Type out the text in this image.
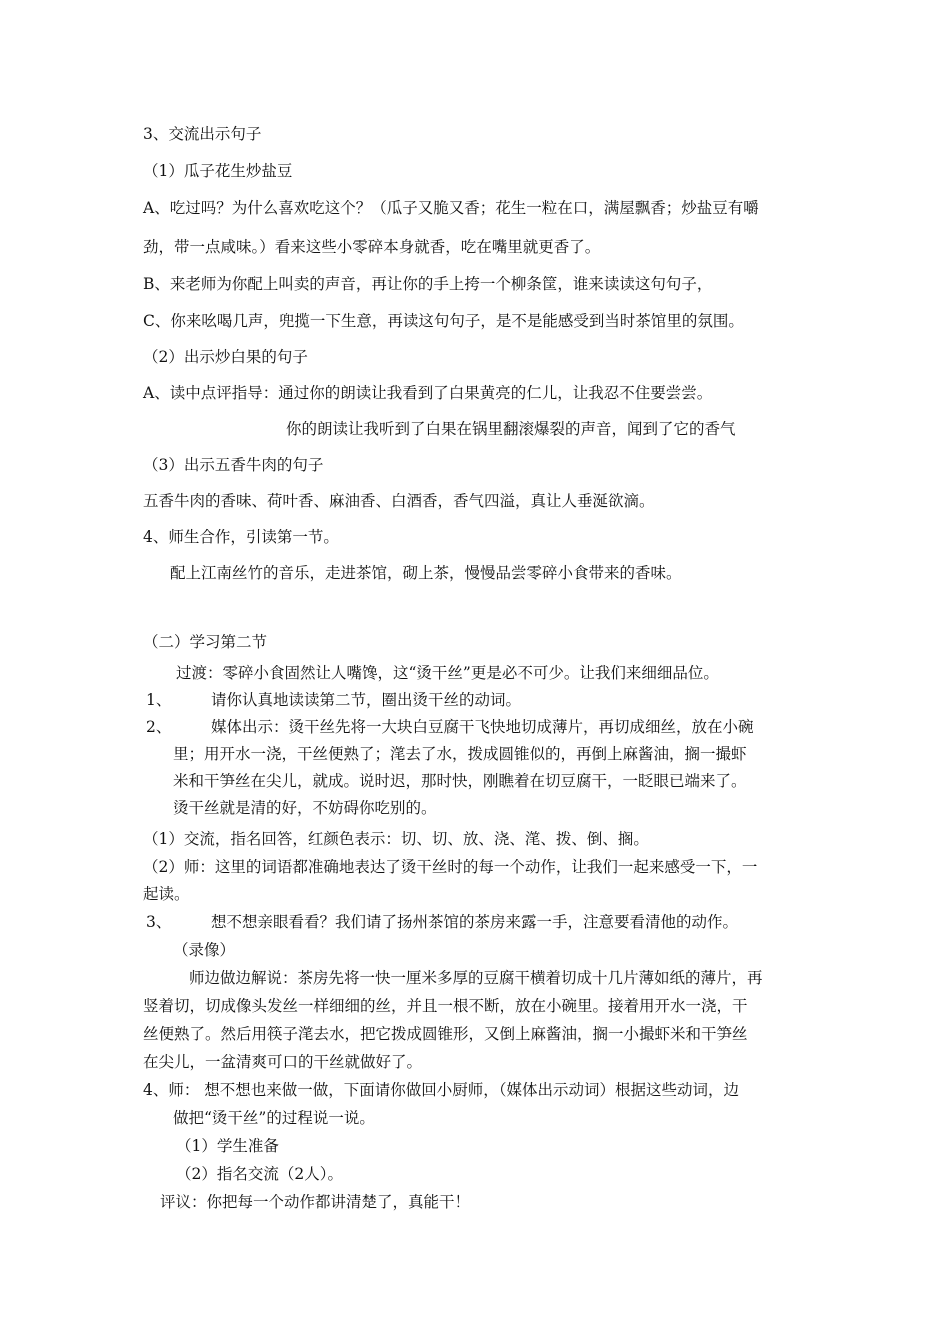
3、交流出示句子
（1）瓜子花生炒盐豆
A、吃过吗？为什么喜欢吃这个？（瓜子又脆又香；花生一粒在口，满屋飘香；炒盐豆有嚼
劲，带一点咸味。）看来这些小零碎本身就香，吃在嘴里就更香了。
B、来老师为你配上叫卖的声音，再让你的手上挎一个柳条筐，谁来读读这句句子，
C、你来吆喝几声，兜揽一下生意，再读这句句子，是不是能感受到当时茶馆里的氛围。
（2）出示炒白果的句子
A、读中点评指导：通过你的朗读让我看到了白果黄亮的仁儿，让我忍不住要尝尝。
你的朗读让我听到了白果在锅里翻滚爆裂的声音，闻到了它的香气
（3）出示五香牛肉的句子
五香牛肉的香味、荷叶香、麻油香、白酒香，香气四溢，真让人垂涎欲滴。
4、师生合作，引读第一节。
配上江南丝竹的音乐，走进茶馆，砌上茶，慢慢品尝零碎小食带来的香味。
（二）学习第二节
过渡：零碎小食固然让人嘴馋，这“烫干丝”更是必不可少。让我们来细细品位。
1、	请你认真地读读第二节，圈出烫干丝的动词。
2、	媒体出示：烫干丝先将一大块白豆腐干飞快地切成薄片，再切成细丝，放在小碗
里；用开水一浇，干丝便熟了；滗去了水，拨成圆锥似的，再倒上麻酱油，搁一撮虾
米和干笋丝在尖儿，就成。说时迟，那时快，刚瞧着在切豆腐干，一眨眼已端来了。
烫干丝就是清的好，不妨碍你吃别的。
（1）交流，指名回答，红颜色表示：切、切、放、浇、滗、拨、倒、搁。
（2）师：这里的词语都准确地表达了烫干丝时的每一个动作，让我们一起来感受一下，一
起读。
3、	想不想亲眼看看？我们请了扬州茶馆的茶房来露一手，注意要看清他的动作。
（录像）
师边做边解说：茶房先将一快一厘米多厚的豆腐干横着切成十几片薄如纸的薄片，再
竖着切，切成像头发丝一样细细的丝，并且一根不断，放在小碗里。接着用开水一浇，干
丝便熟了。然后用筷子滗去水，把它拨成圆锥形，又倒上麻酱油，搁一小撮虾米和干笋丝
在尖儿，一盆清爽可口的干丝就做好了。
4、师： 想不想也来做一做，下面请你做回小厨师，（媒体出示动词）根据这些动词，边
做把“烫干丝”的过程说一说。
（1）学生准备
（2）指名交流（2人）。
评议：你把每一个动作都讲清楚了，真能干！
